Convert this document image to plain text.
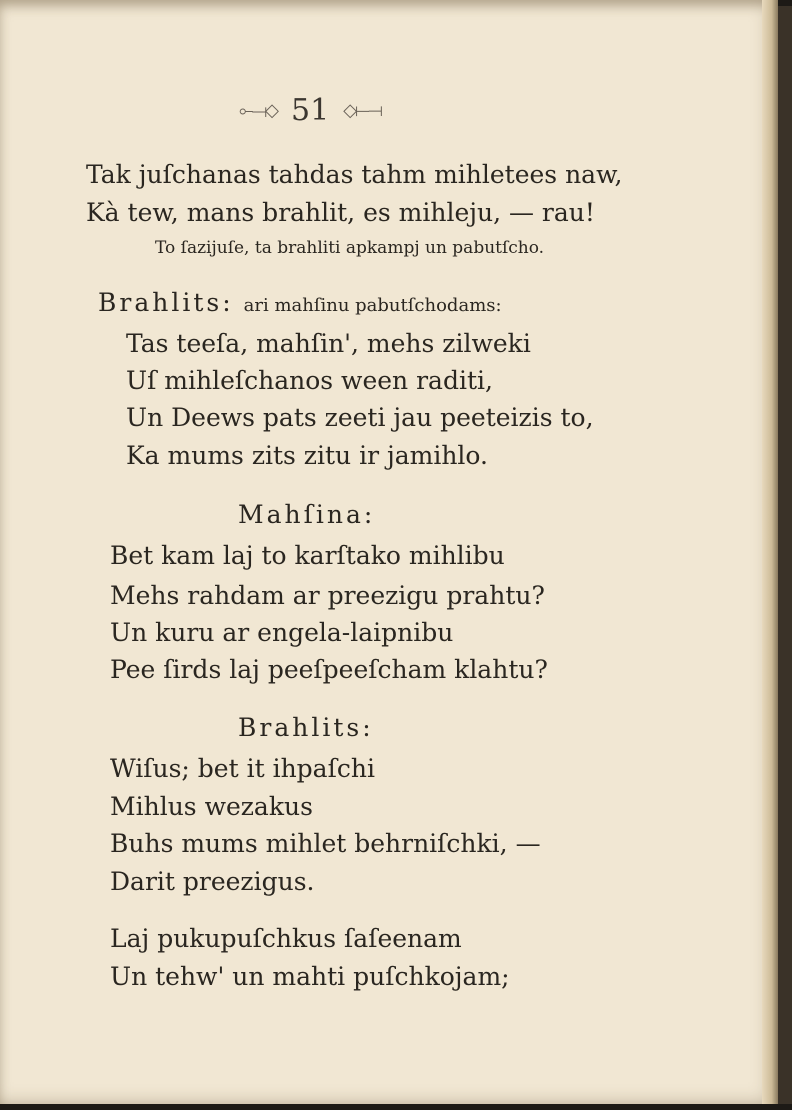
⟜⟞◇ 51 ◇⟝⟞
Tak juſchanas tahdas tahm mihletees naw,
Kà tew, mans brahlit, es mihleju, — rau!
To ſazijuſe, ta brahliti apkampj un pabutſcho.
Brahlits: ari mahſinu pabutſchodams:
Tas teeſa, mahſin', mehs zilweki
Uſ mihleſchanos ween raditi,
Un Deews pats zeeti jau peeteizis to,
Ka mums zits zitu ir jamihlo.
Mahſina:
Bet kam laj to karſtako mihlibu
Mehs rahdam ar preezigu prahtu?
Un kuru ar engela-laipnibu
Pee ſirds laj peeſpeeſcham klahtu?
Brahlits:
Wiſus; bet it ihpaſchi
Mihlus wezakus
Buhs mums mihlet behrniſchki, —
Darit preezigus.
Laj pukupuſchkus ſaſeenam
Un tehw' un mahti puſchkojam;
